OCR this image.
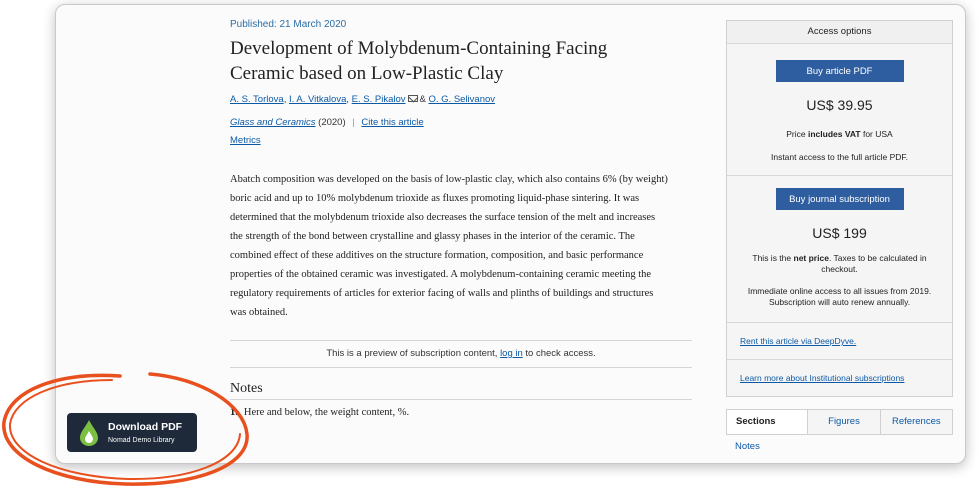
Published: 21 March 2020
Development of Molybdenum-Containing Facing Ceramic based on Low-Plastic Clay
A. S. Torlova, I. A. Vitkalova, E. S. Pikalov & O. G. Selivanov
Glass and Ceramics (2020) | Cite this article
Metrics

Abatch composition was developed on the basis of low-plastic clay, which also contains 6% (by weight) boric acid and up to 10% molybdenum trioxide as fluxes promoting liquid-phase sintering. It was determined that the molybdenum trioxide also decreases the surface tension of the melt and increases the strength of the bond between crystalline and glassy phases in the interior of the ceramic. The combined effect of these additives on the structure formation, composition, and basic performance properties of the obtained ceramic was investigated. A molybdenum-containing ceramic meeting the regulatory requirements of articles for exterior facing of walls and plinths of buildings and structures was obtained.

This is a preview of subscription content, log in to check access.
Notes
1. Here and below, the weight content, %.
Access options
Buy article PDF
US$ 39.95
Price includes VAT for USA
Instant access to the full article PDF.
Buy journal subscription
US$ 199
This is the net price. Taxes to be calculated in checkout.
Immediate online access to all issues from 2019. Subscription will auto renew annually.
Rent this article via DeepDyve.
Learn more about Institutional subscriptions
Sections	Figures	References
Notes
Download PDF
Nomad Demo Library
